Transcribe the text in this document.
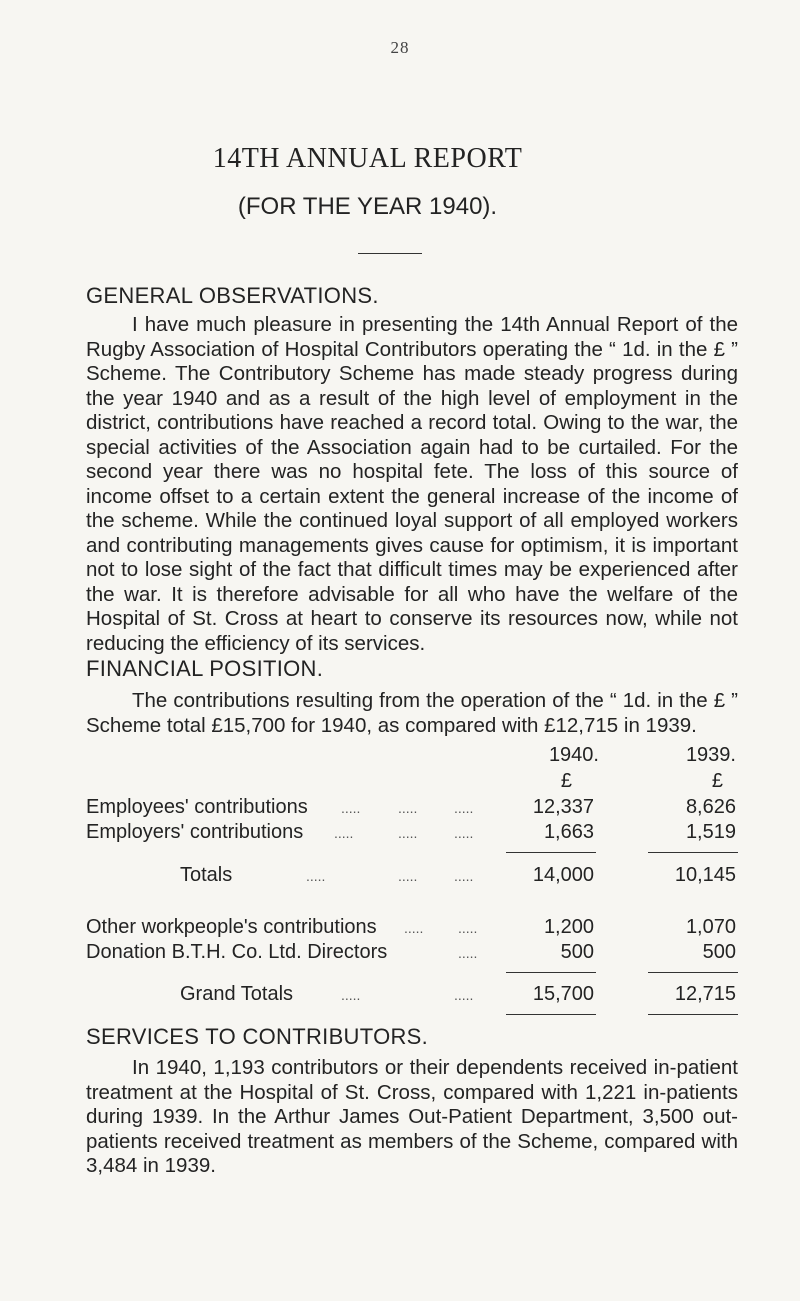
28
14TH ANNUAL REPORT
(FOR THE YEAR 1940).
GENERAL OBSERVATIONS.
I have much pleasure in presenting the 14th Annual Report of the Rugby Association of Hospital Contributors operating the “ 1d. in the £ ” Scheme. The Contributory Scheme has made steady progress during the year 1940 and as a result of the high level of employment in the district, contributions have reached a record total. Owing to the war, the special activities of the Association again had to be curtailed. For the second year there was no hospital fete. The loss of this source of income offset to a certain extent the general increase of the income of the scheme. While the continued loyal support of all employed workers and contributing managements gives cause for optimism, it is important not to lose sight of the fact that difficult times may be experienced after the war. It is therefore advisable for all who have the welfare of the Hospital of St. Cross at heart to conserve its resources now, while not reducing the efficiency of its services.
FINANCIAL POSITION.
The contributions resulting from the operation of the “ 1d. in the £ ” Scheme total £15,700 for 1940, as compared with £12,715 in 1939.
1940.	1939.
£	£
Employees' contributions .....	.....	.....	12,337	8,626
Employers' contributions .....	.....	.....	1,663	1,519
Totals	.....	.....	.....	14,000	10,145
Other workpeople's contributions ..... .....	1,200	1,070
Donation B.T.H. Co. Ltd. Directors	.....	500	500
Grand Totals	.....	.....	15,700	12,715
SERVICES TO CONTRIBUTORS.
In 1940, 1,193 contributors or their dependents received in-patient treatment at the Hospital of St. Cross, compared with 1,221 in-patients during 1939. In the Arthur James Out-Patient Department, 3,500 out-patients received treatment as members of the Scheme, compared with 3,484 in 1939.
